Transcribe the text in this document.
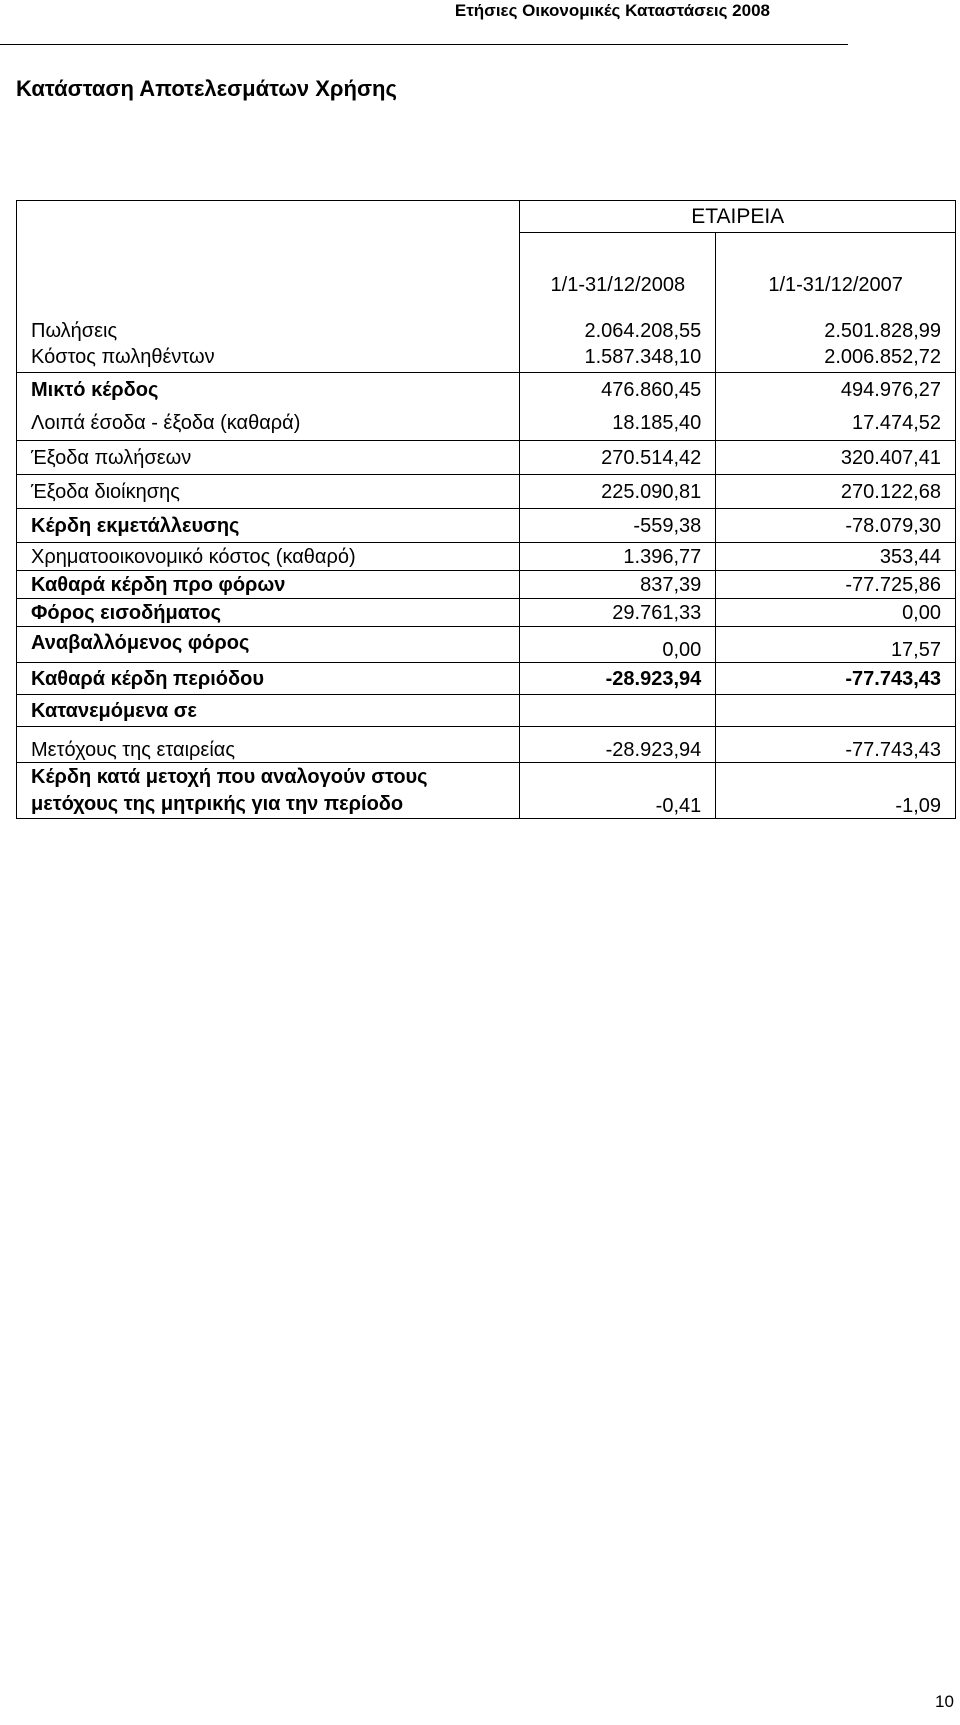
Ετήσιες Οικονομικές Καταστάσεις 2008
Κατάσταση Αποτελεσμάτων Χρήσης
	ΕΤΑΙΡΕΙΑ	
	1/1-31/12/2008	1/1-31/12/2007
Πωλήσεις	2.064.208,55	2.501.828,99
Κόστος πωληθέντων	1.587.348,10	2.006.852,72
Μικτό κέρδος	476.860,45	494.976,27
Λοιπά έσοδα - έξοδα (καθαρά)	18.185,40	17.474,52
Έξοδα πωλήσεων	270.514,42	320.407,41
Έξοδα διοίκησης	225.090,81	270.122,68
Κέρδη εκμετάλλευσης	-559,38	-78.079,30
Χρηματοοικονομικό κόστος (καθαρό)	1.396,77	353,44
Καθαρά κέρδη προ φόρων	837,39	-77.725,86
Φόρος εισοδήματος	29.761,33	0,00
Αναβαλλόμενος φόρος	0,00	17,57
Καθαρά κέρδη περιόδου	-28.923,94	-77.743,43
Κατανεμόμενα σε		
Μετόχους της εταιρείας	-28.923,94	-77.743,43
Κέρδη κατά μετοχή που αναλογούν στους μετόχους της μητρικής για την περίοδο	-0,41	-1,09
10
